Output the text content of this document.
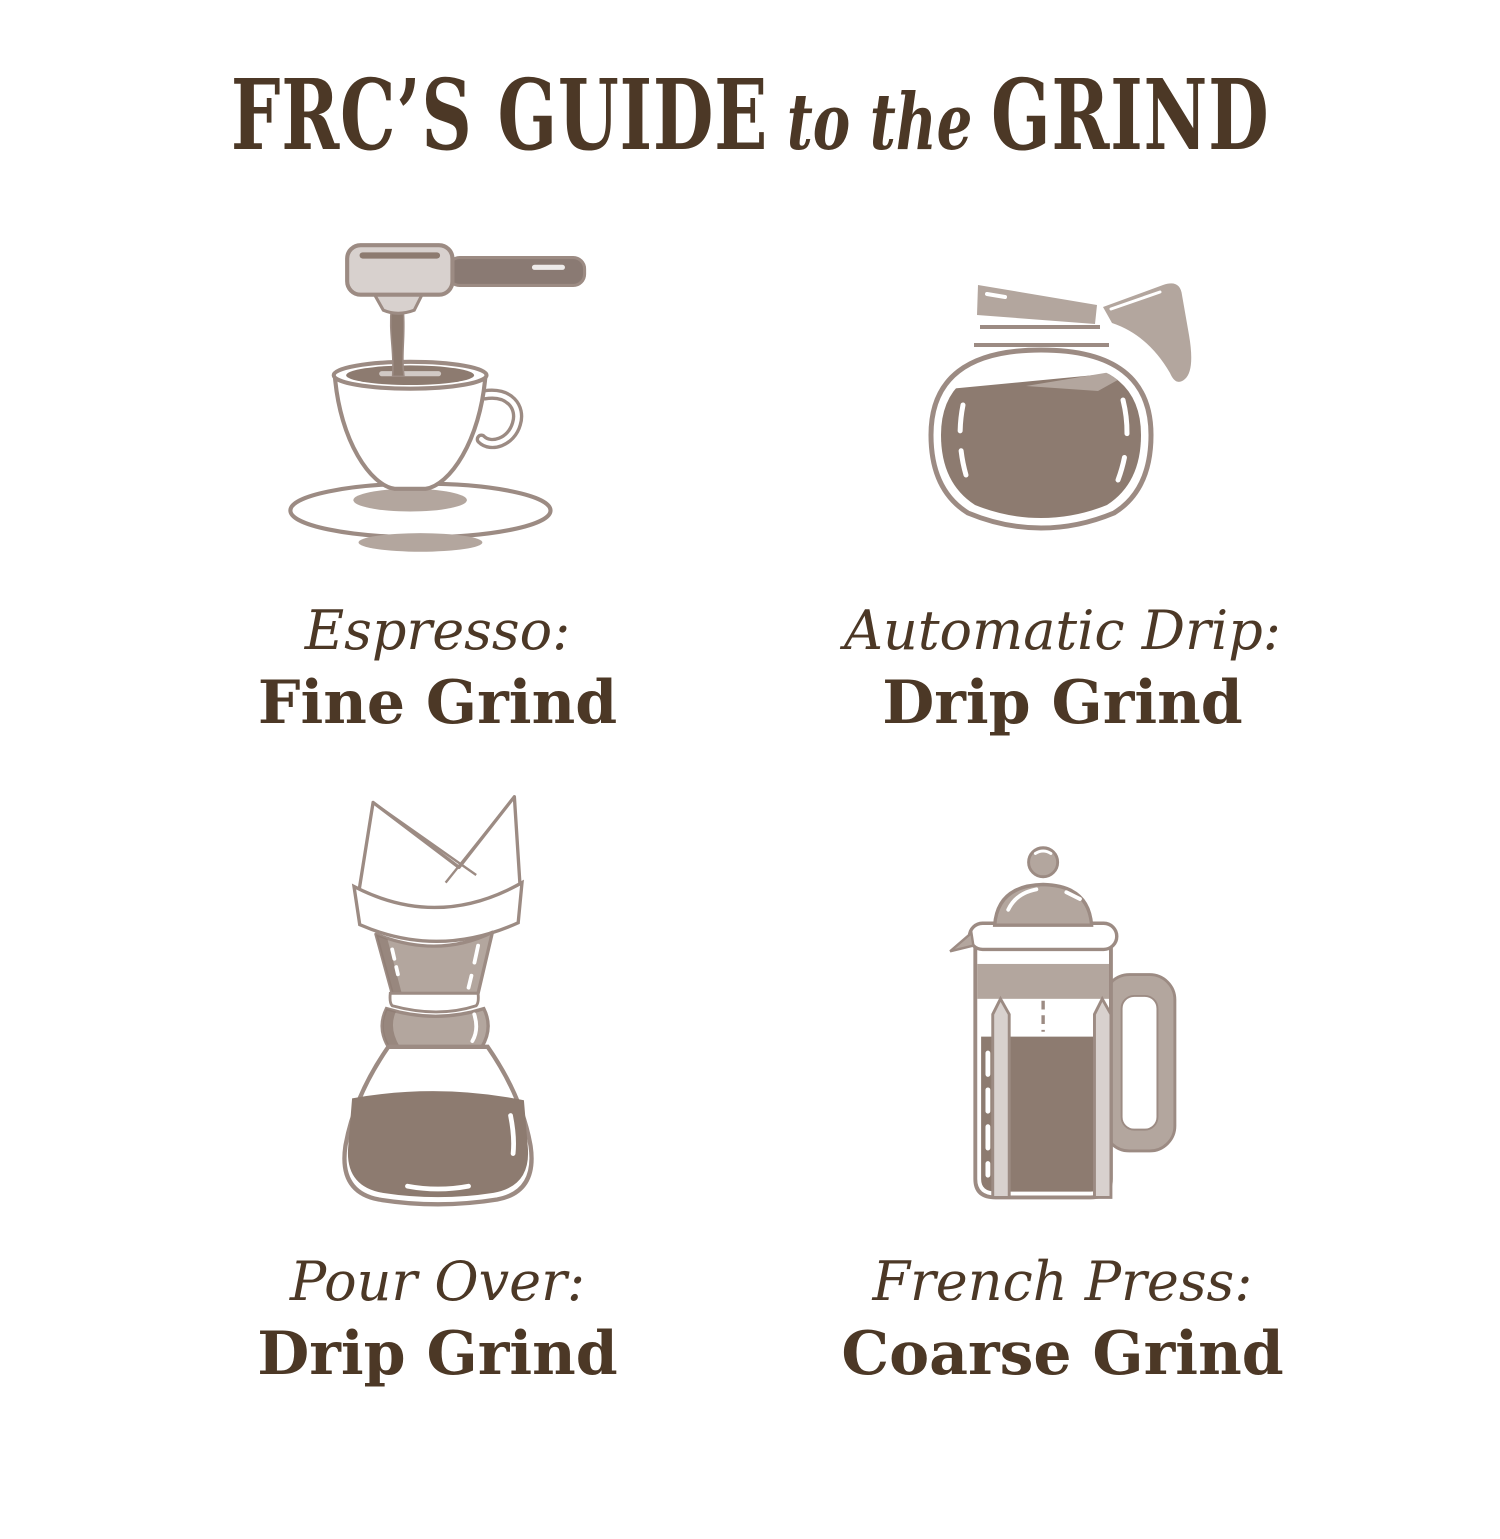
FRC’S GUIDE to the GRIND
Espresso:
Fine Grind
Automatic Drip:
Drip Grind
Pour Over:
Drip Grind
French Press:
Coarse Grind
